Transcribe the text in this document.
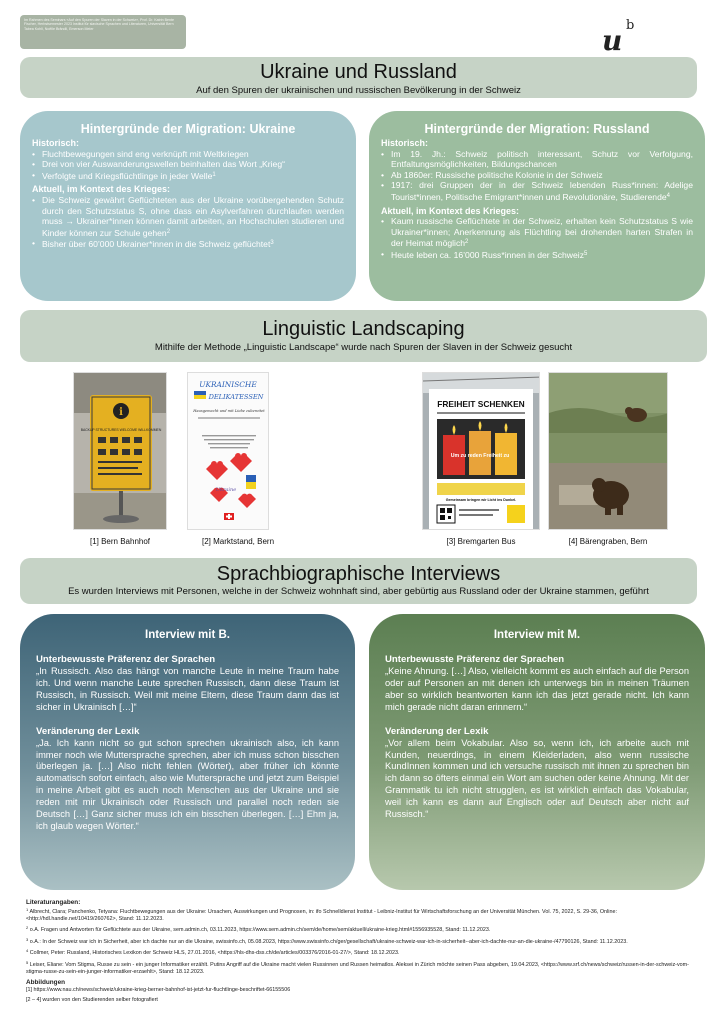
Im Rahmen des Seminars «Auf den Spuren der Slaven in der Schweiz», Prof. Dr. Katrin Bente Fischer, Herbstsemester 2023 Institut für slavische Sprachen und Literaturen, Universität Bern Tabea Kohli, Noëlle Brändli, Emerson Meier	u b
Ukraine und Russland
Auf den Spuren der ukrainischen und russischen Bevölkerung in der Schweiz
Hintergründe der Migration: Ukraine
Historisch:
• Fluchtbewegungen sind eng verknüpft mit Weltkriegen
• Drei von vier Auswanderungswellen beinhalten das Wort „Krieg“
• Verfolgte und Kriegsflüchtlinge in jeder Welle$^1$
Aktuell, im Kontext des Krieges:
• Die Schweiz gewährt Geflüchteten aus der Ukraine vorübergehenden Schutz durch den Schutzstatus S, ohne dass ein Asylverfahren durchlaufen werden muss → Ukrainer*innen können damit arbeiten, an Hochschulen studieren und Kinder können zur Schule gehen$^2$
• Bisher über 60’000 Ukrainer*innen in die Schweiz geflüchtet$^3$
Hintergründe der Migration: Russland
Historisch:
• Im 19. Jh.: Schweiz politisch interessant, Schutz vor Verfolgung, Entfaltungsmöglichkeiten, Bildungschancen
• Ab 1860er: Russische politische Kolonie in der Schweiz
• 1917: drei Gruppen der in der Schweiz lebenden Russ*innen: Adelige Tourist*innen, Politische Emigrant*innen und Revolutionäre, Studierende$^4$
Aktuell, im Kontext des Krieges:
• Kaum russische Geflüchtete in der Schweiz, erhalten kein Schutzstatus S wie Ukrainer*innen; Anerkennung als Flüchtling bei drohenden harten Strafen in der Heimat möglich$^2$
• Heute leben ca. 16’000 Russ*innen in der Schweiz$^5$
Linguistic Landscaping
Mithilfe der Methode „Linguistic Landscape“ wurde nach Spuren der Slaven in der Schweiz gesucht
i
BACKUP STRUCTURES WELCOME WILLKOMMEN
[1] Bern Bahnhof
UKRAINISCHE
DELIKATESSEN
Hausgemacht und mit Liebe zubereitet
Ukraine
[2] Marktstand, Bern
FREIHEIT SCHENKEN
Um zu reden Freiheit zu
Gemeinsam bringen wir Licht ins Dunkel.
[3] Bremgarten Bus	[4] Bärengraben, Bern
Sprachbiographische Interviews
Es wurden Interviews mit Personen, welche in der Schweiz wohnhaft sind, aber gebürtig aus Russland oder der Ukraine stammen, geführt
Interview mit B.
Unterbewusste Präferenz der Sprachen

„In Russisch. Also das hängt von manche Leute in meine Traum habe ich. Und wenn manche Leute sprechen Russisch, dann diese Traum ist Russisch, in Russisch. Weil mit meine Eltern, diese Traum dann das ist sicher in Ukrainisch […]“

Veränderung der Lexik

„Ja. Ich kann nicht so gut schon sprechen ukrainisch also, ich kann immer noch wie Muttersprache sprechen, aber ich muss schon bisschen überlegen ja. […] Also nicht fehlen (Wörter), aber früher ich könnte automatisch sofort einfach, also wie Muttersprache und jetzt zum Beispiel in meine Arbeit gibt es auch noch Menschen aus der Ukraine und sie reden mit mir Ukrainisch oder Russisch und parallel noch reden sie Deutsch […] Ganz sicher muss ich ein bisschen überlegen. […] Ehm ja, ich glaub wegen Wörter.“

Interview mit M.
Unterbewusste Präferenz der Sprachen

„Keine Ahnung. […] Also, vielleicht kommt es auch einfach auf die Person oder auf Personen an mit denen ich unterwegs bin in meinen Träumen aber so wirklich beantworten kann ich das jetzt gerade nicht. Ich kann mich gerade nicht daran erinnern.“

Veränderung der Lexik

„Vor allem beim Vokabular. Also so, wenn ich, ich arbeite auch mit Kunden, neuerdings, in einem Kleiderladen, also wenn russische KundInnen kommen und ich versuche russisch mit ihnen zu sprechen bin ich dann so öfters einmal ein Wort am suchen oder keine Ahnung. Mit der Grammatik tu ich nicht strugglen, es ist wirklich einfach das Vokabular, weil ich kann es dann auf Englisch oder auf Deutsch aber nicht auf Russisch.“

Literaturangaben:
$^1$ Albrecht, Clara; Panchenko, Tetyana: Fluchtbewegungen aus der Ukraine: Ursachen, Auswirkungen und Prognosen, in: ifo Schnelldienst Institut - Leibniz-Institut für Wirtschaftsforschung an der Universität München. Vol. 75, 2022, S. 29-36, Online: <http://hdl.handle.net/10419/260762>, Stand: 11.12.2023.
$^2$ o.A. Fragen und Antworten für Geflüchtete aus der Ukraine, sem.admin.ch, 03.11.2023, https://www.sem.admin.ch/sem/de/home/sem/aktuell/ukraine-krieg.html#1556935528, Stand: 11.12.2023.
$^3$ o.A.: In der Schweiz war ich in Sicherheit, aber ich dachte nur an die Ukraine, swissinfo.ch, 05.08.2023, https://www.swissinfo.ch/ger/gesellschaft/ukraine-schweiz-war-ich-in-sicherheit--aber-ich-dachte-nur-an-die-ukraine-/47790126, Stand: 11.12.2023.
$^4$ Collmer, Peter: Russland, Historisches Lexikon der Schweiz HLS, 27.01.2016, <https://hls-dhs-dss.ch/de/articles/003376/2016-01-27/>, Stand: 18.12.2023.
$^5$ Leiser, Eliane: Vom Stigma, Russe zu sein - ein junger Informatiker erzählt. Putins Angriff auf die Ukraine macht vielen Russinnen und Russen heimatlos. Aleksei in Zürich möchte seinen Pass abgeben, 19.04.2023, <https://www.srf.ch/news/schweiz/russen-in-der-schweiz-vom-stigma-russe-zu-sein-ein-junger-informatiker-erzaehlt>, Stand: 18.12.2023.
Abbildungen
[1] https://www.nau.ch/news/schweiz/ukraine-krieg-berner-bahnhof-ist-jetzt-fur-fluchtlinge-beschriftet-66155506
[2 – 4] wurden von den Studierenden selber fotografiert
